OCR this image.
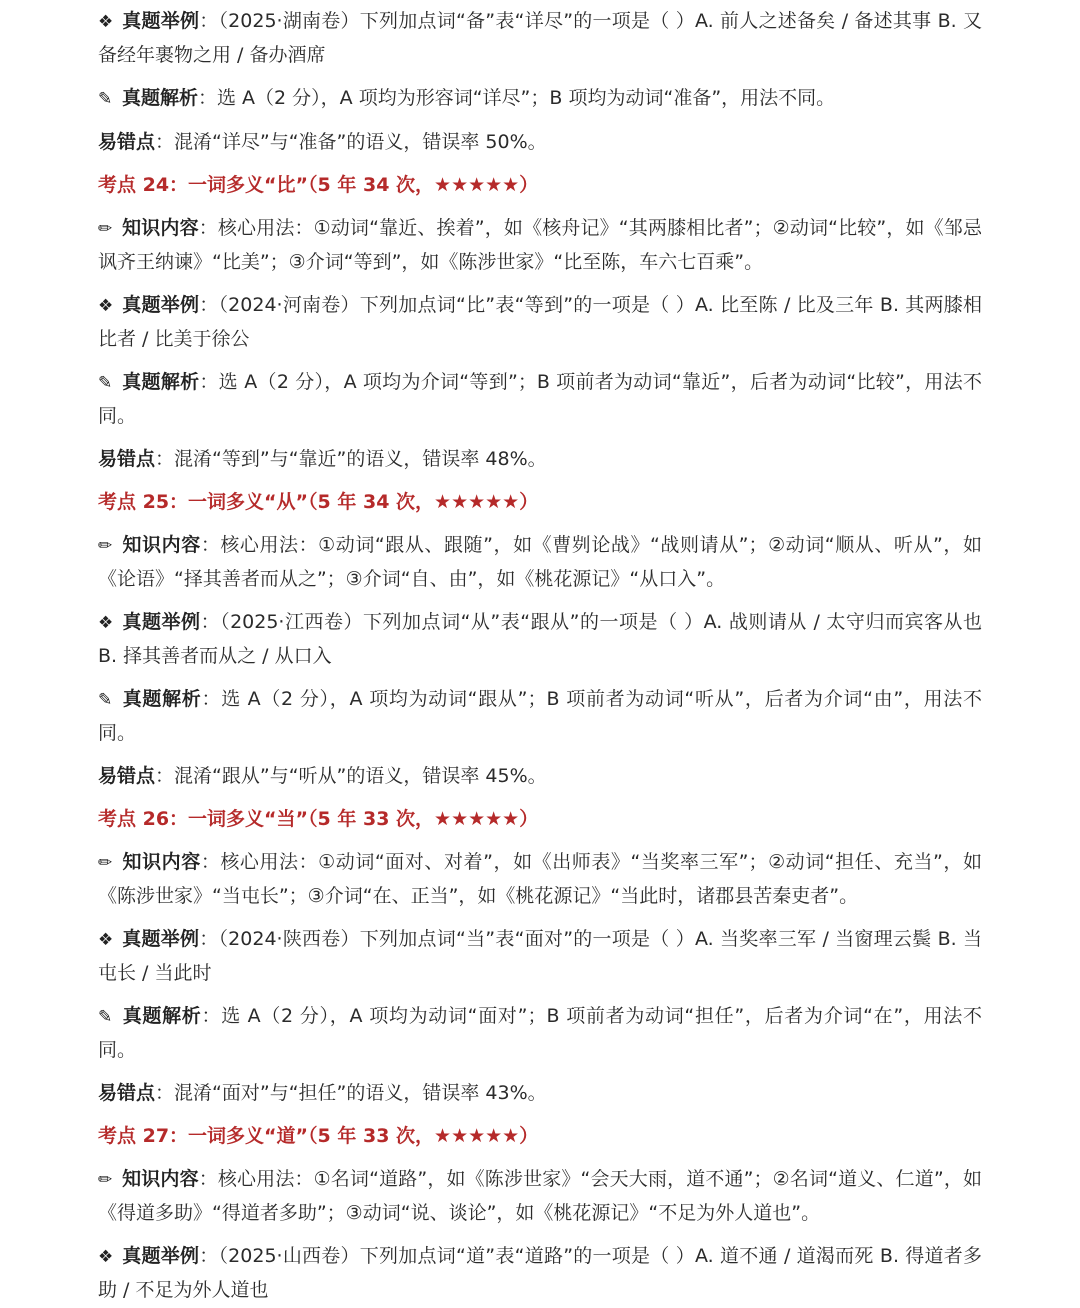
❖ 真题举例：（2025·湖南卷）下列加点词“备”表“详尽”的一项是（ ）A. 前人之述备矣 / 备述其事 B. 又备经年裹物之用 / 备办酒席

✎ 真题解析：选 A（2 分），A 项均为形容词“详尽”；B 项均为动词“准备”，用法不同。

易错点：混淆“详尽”与“准备”的语义，错误率 50%。

考点 24：一词多义“比”（5 年 34 次，★★★★★）

✏ 知识内容：核心用法：①动词“靠近、挨着”，如《核舟记》“其两膝相比者”；②动词“比较”，如《邹忌讽齐王纳谏》“比美”；③介词“等到”，如《陈涉世家》“比至陈，车六七百乘”。

❖ 真题举例：（2024·河南卷）下列加点词“比”表“等到”的一项是（ ）A. 比至陈 / 比及三年 B. 其两膝相比者 / 比美于徐公

✎ 真题解析：选 A（2 分），A 项均为介词“等到”；B 项前者为动词“靠近”，后者为动词“比较”，用法不同。

易错点：混淆“等到”与“靠近”的语义，错误率 48%。

考点 25：一词多义“从”（5 年 34 次，★★★★★）

✏ 知识内容：核心用法：①动词“跟从、跟随”，如《曹刿论战》“战则请从”；②动词“顺从、听从”，如《论语》“择其善者而从之”；③介词“自、由”，如《桃花源记》“从口入”。

❖ 真题举例：（2025·江西卷）下列加点词“从”表“跟从”的一项是（ ）A. 战则请从 / 太守归而宾客从也 B. 择其善者而从之 / 从口入

✎ 真题解析：选 A（2 分），A 项均为动词“跟从”；B 项前者为动词“听从”，后者为介词“由”，用法不同。

易错点：混淆“跟从”与“听从”的语义，错误率 45%。

考点 26：一词多义“当”（5 年 33 次，★★★★★）

✏ 知识内容：核心用法：①动词“面对、对着”，如《出师表》“当奖率三军”；②动词“担任、充当”，如《陈涉世家》“当屯长”；③介词“在、正当”，如《桃花源记》“当此时，诸郡县苦秦吏者”。

❖ 真题举例：（2024·陕西卷）下列加点词“当”表“面对”的一项是（ ）A. 当奖率三军 / 当窗理云鬓 B. 当屯长 / 当此时

✎ 真题解析：选 A（2 分），A 项均为动词“面对”；B 项前者为动词“担任”，后者为介词“在”，用法不同。

易错点：混淆“面对”与“担任”的语义，错误率 43%。

考点 27：一词多义“道”（5 年 33 次，★★★★★）

✏ 知识内容：核心用法：①名词“道路”，如《陈涉世家》“会天大雨，道不通”；②名词“道义、仁道”，如《得道多助》“得道者多助”；③动词“说、谈论”，如《桃花源记》“不足为外人道也”。

❖ 真题举例：（2025·山西卷）下列加点词“道”表“道路”的一项是（ ）A. 道不通 / 道渴而死 B. 得道者多助 / 不足为外人道也
